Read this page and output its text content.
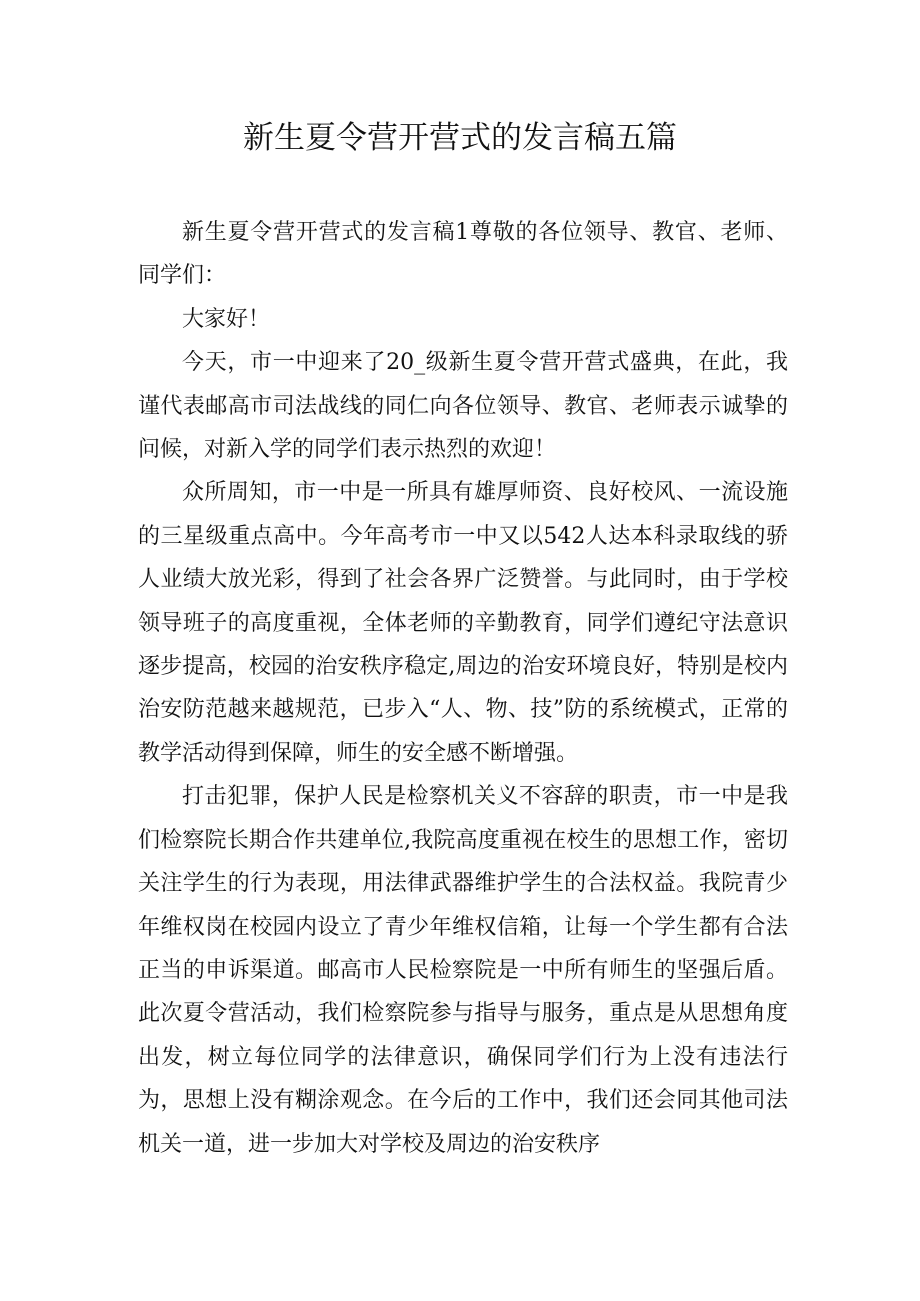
新生夏令营开营式的发言稿五篇

新生夏令营开营式的发言稿1尊敬的各位领导、教官、老师、同学们：

大家好！

今天，市一中迎来了20_级新生夏令营开营式盛典，在此，我谨代表邮高市司法战线的同仁向各位领导、教官、老师表示诚挚的问候，对新入学的同学们表示热烈的欢迎！

众所周知，市一中是一所具有雄厚师资、良好校风、一流设施的三星级重点高中。今年高考市一中又以542人达本科录取线的骄人业绩大放光彩，得到了社会各界广泛赞誉。与此同时，由于学校领导班子的高度重视，全体老师的辛勤教育，同学们遵纪守法意识逐步提高，校园的治安秩序稳定,周边的治安环境良好，特别是校内治安防范越来越规范，已步入“人、物、技”防的系统模式，正常的教学活动得到保障，师生的安全感不断增强。

打击犯罪，保护人民是检察机关义不容辞的职责，市一中是我们检察院长期合作共建单位,我院高度重视在校生的思想工作，密切关注学生的行为表现，用法律武器维护学生的合法权益。我院青少年维权岗在校园内设立了青少年维权信箱，让每一个学生都有合法正当的申诉渠道。邮高市人民检察院是一中所有师生的坚强后盾。此次夏令营活动，我们检察院参与指导与服务，重点是从思想角度出发，树立每位同学的法律意识，确保同学们行为上没有违法行为，思想上没有糊涂观念。在今后的工作中，我们还会同其他司法机关一道，进一步加大对学校及周边的治安秩序
